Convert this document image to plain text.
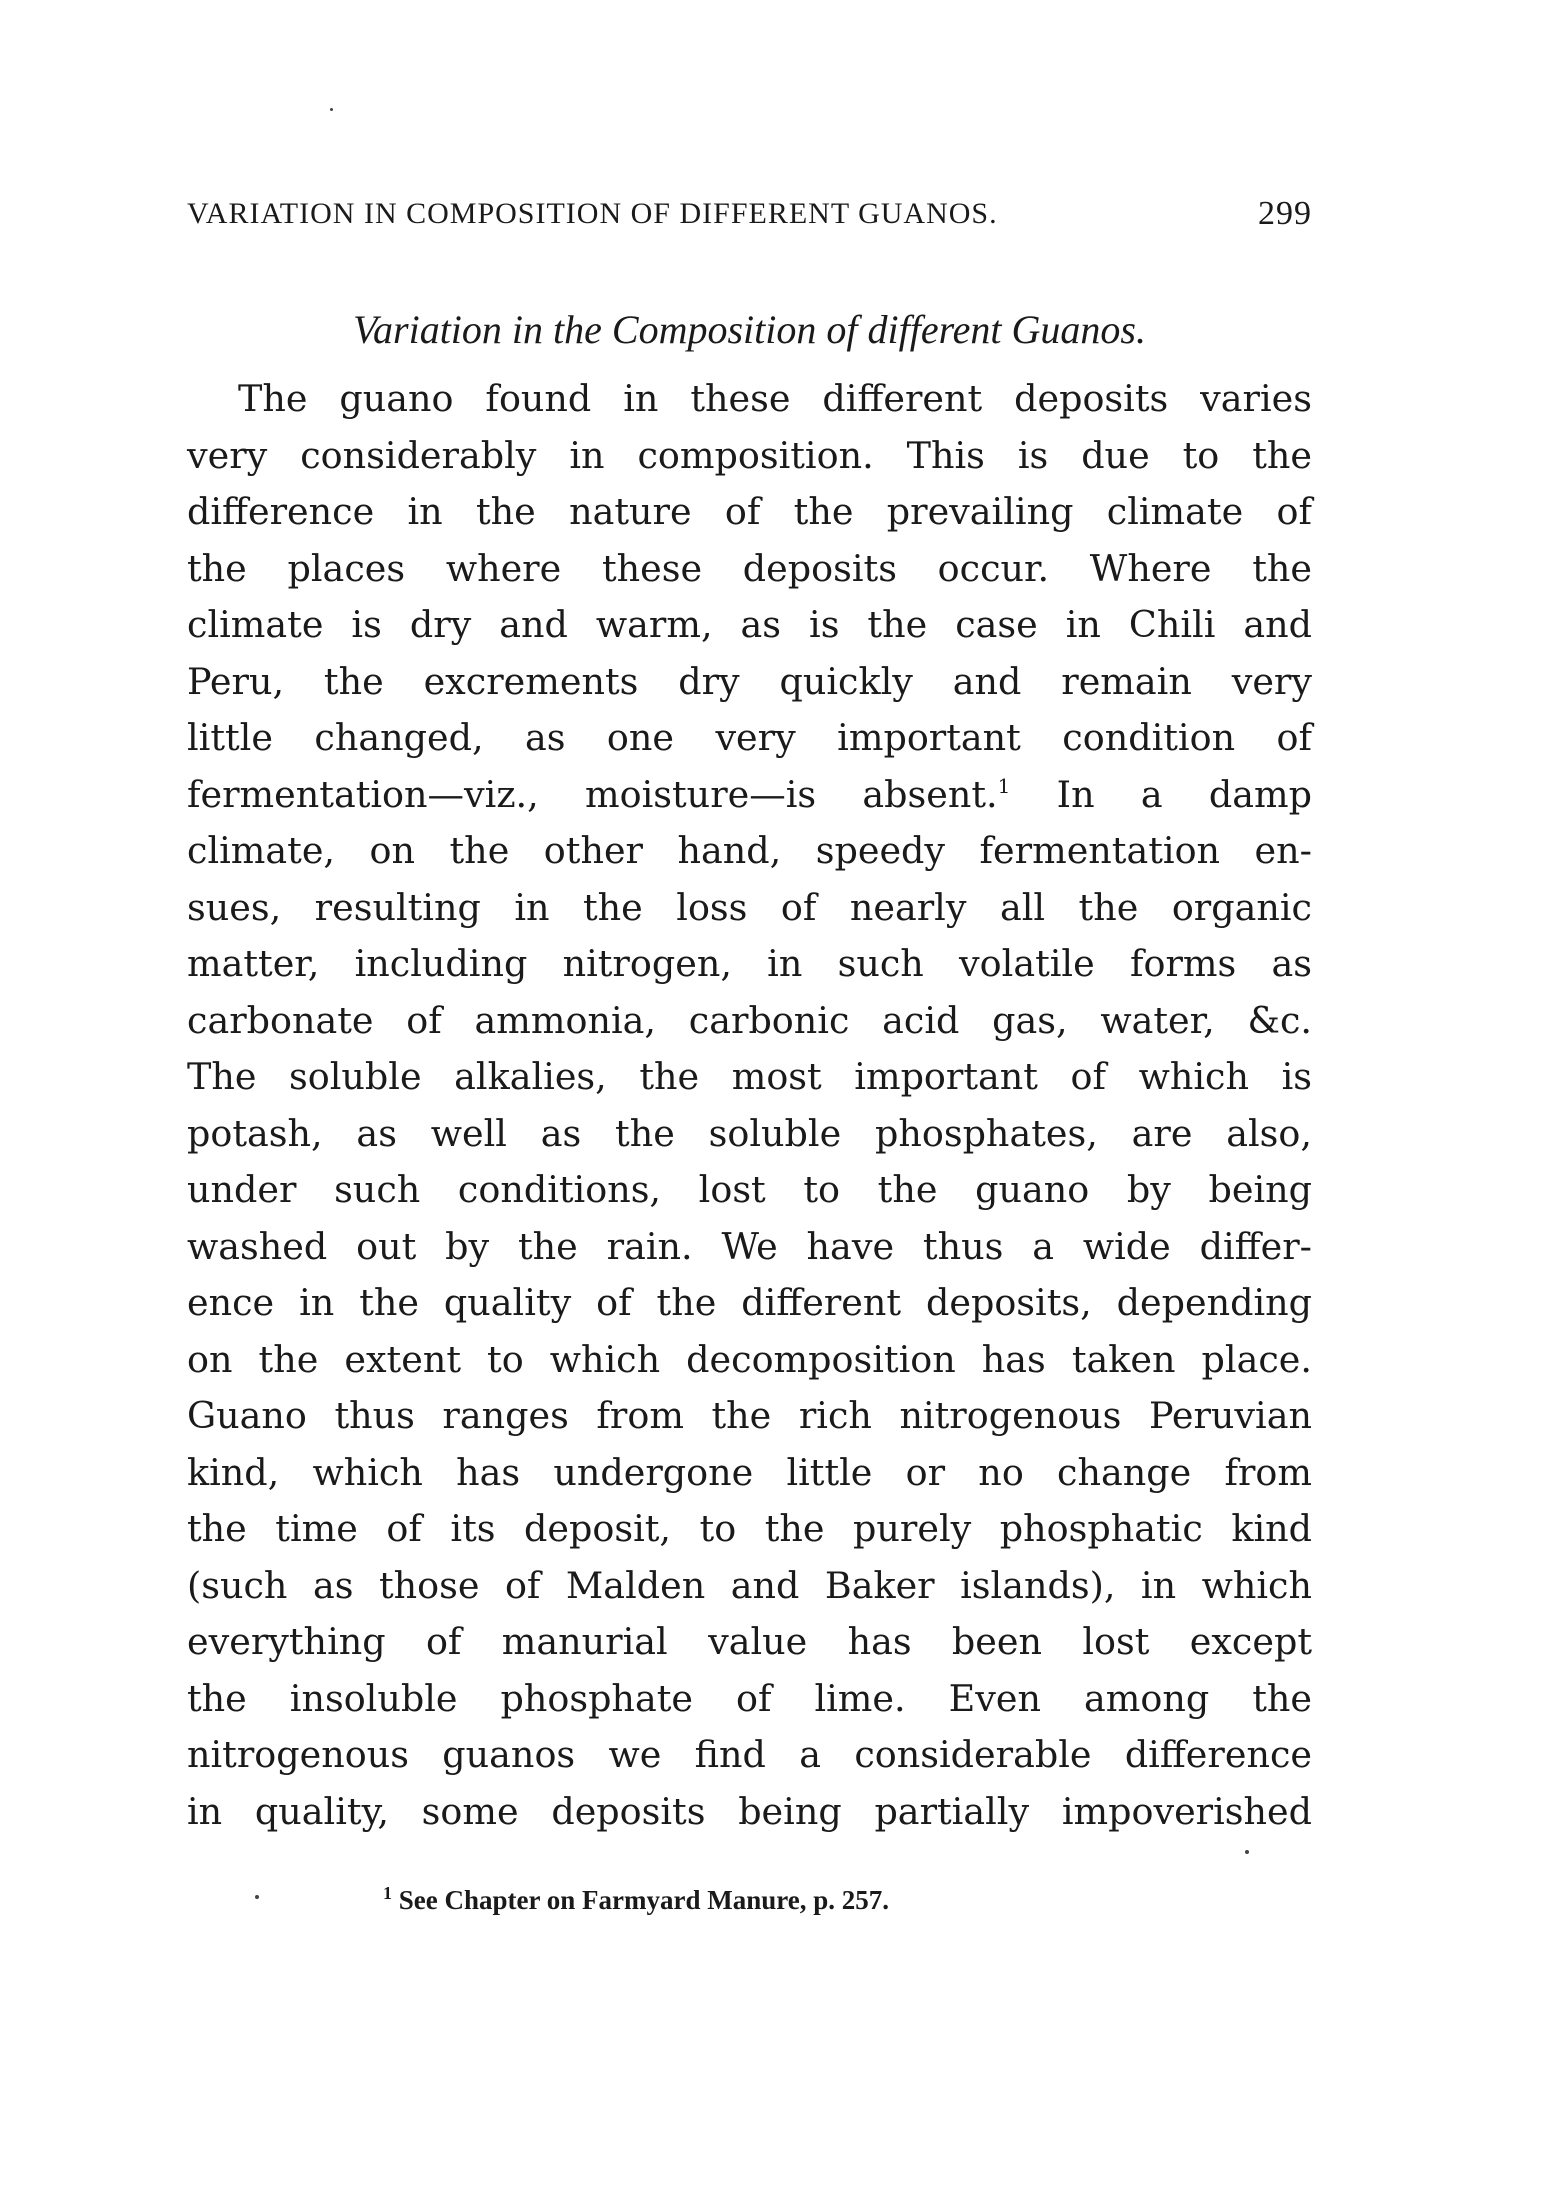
VARIATION IN COMPOSITION OF DIFFERENT GUANOS.	299
Variation in the Composition of different Guanos.
The guano found in these different deposits varies
very considerably in composition. This is due to the
difference in the nature of the prevailing climate of
the places where these deposits occur. Where the
climate is dry and warm, as is the case in Chili and
Peru, the excrements dry quickly and remain very
little changed, as one very important condition of
fermentation—viz., moisture—is absent.$^1$ In a damp
climate, on the other hand, speedy fermentation en-
sues, resulting in the loss of nearly all the organic
matter, including nitrogen, in such volatile forms as
carbonate of ammonia, carbonic acid gas, water, &c.
The soluble alkalies, the most important of which is
potash, as well as the soluble phosphates, are also,
under such conditions, lost to the guano by being
washed out by the rain. We have thus a wide differ-
ence in the quality of the different deposits, depending
on the extent to which decomposition has taken place.
Guano thus ranges from the rich nitrogenous Peruvian
kind, which has undergone little or no change from
the time of its deposit, to the purely phosphatic kind
(such as those of Malden and Baker islands), in which
everything of manurial value has been lost except
the insoluble phosphate of lime. Even among the
nitrogenous guanos we find a considerable difference
in quality, some deposits being partially impoverished
$^1$ See Chapter on Farmyard Manure, p. 257.
